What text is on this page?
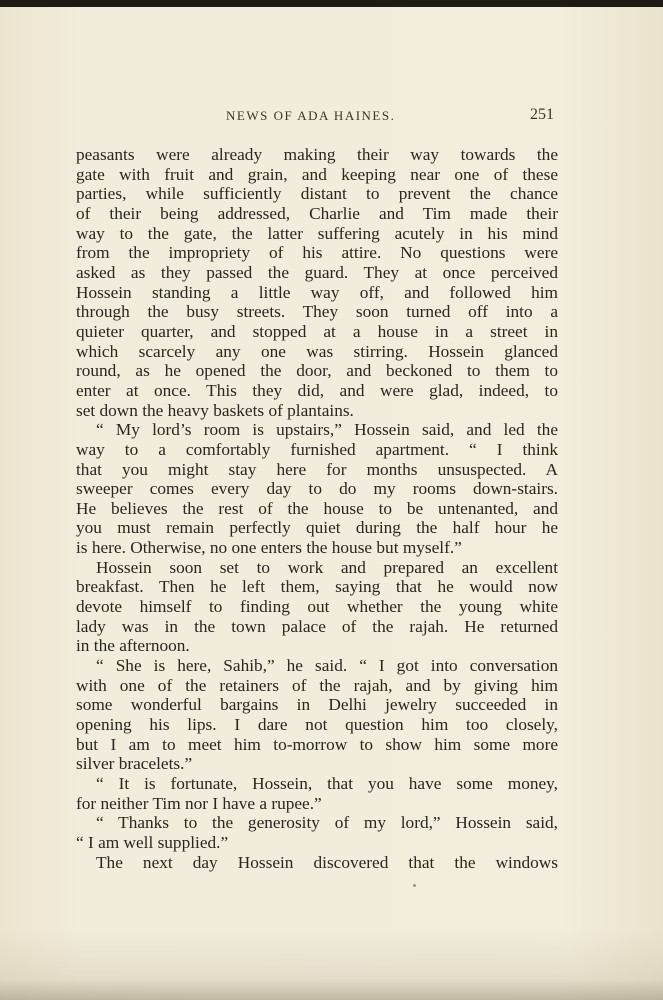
NEWS OF ADA HAINES.	251
peasants were already making their way towards the
gate with fruit and grain, and keeping near one of these
parties, while sufficiently distant to prevent the chance
of their being addressed, Charlie and Tim made their
way to the gate, the latter suffering acutely in his mind
from the impropriety of his attire. No questions were
asked as they passed the guard. They at once perceived
Hossein standing a little way off, and followed him
through the busy streets. They soon turned off into a
quieter quarter, and stopped at a house in a street in
which scarcely any one was stirring. Hossein glanced
round, as he opened the door, and beckoned to them to
enter at once. This they did, and were glad, indeed, to
set down the heavy baskets of plantains.
“ My lord’s room is upstairs,” Hossein said, and led the
way to a comfortably furnished apartment. “ I think
that you might stay here for months unsuspected. A
sweeper comes every day to do my rooms down-stairs.
He believes the rest of the house to be untenanted, and
you must remain perfectly quiet during the half hour he
is here. Otherwise, no one enters the house but myself.”
Hossein soon set to work and prepared an excellent
breakfast. Then he left them, saying that he would now
devote himself to finding out whether the young white
lady was in the town palace of the rajah. He returned
in the afternoon.
“ She is here, Sahib,” he said. “ I got into conversation
with one of the retainers of the rajah, and by giving him
some wonderful bargains in Delhi jewelry succeeded in
opening his lips. I dare not question him too closely,
but I am to meet him to-morrow to show him some more
silver bracelets.”
“ It is fortunate, Hossein, that you have some money,
for neither Tim nor I have a rupee.”
“ Thanks to the generosity of my lord,” Hossein said,
“ I am well supplied.”
The next day Hossein discovered that the windows
